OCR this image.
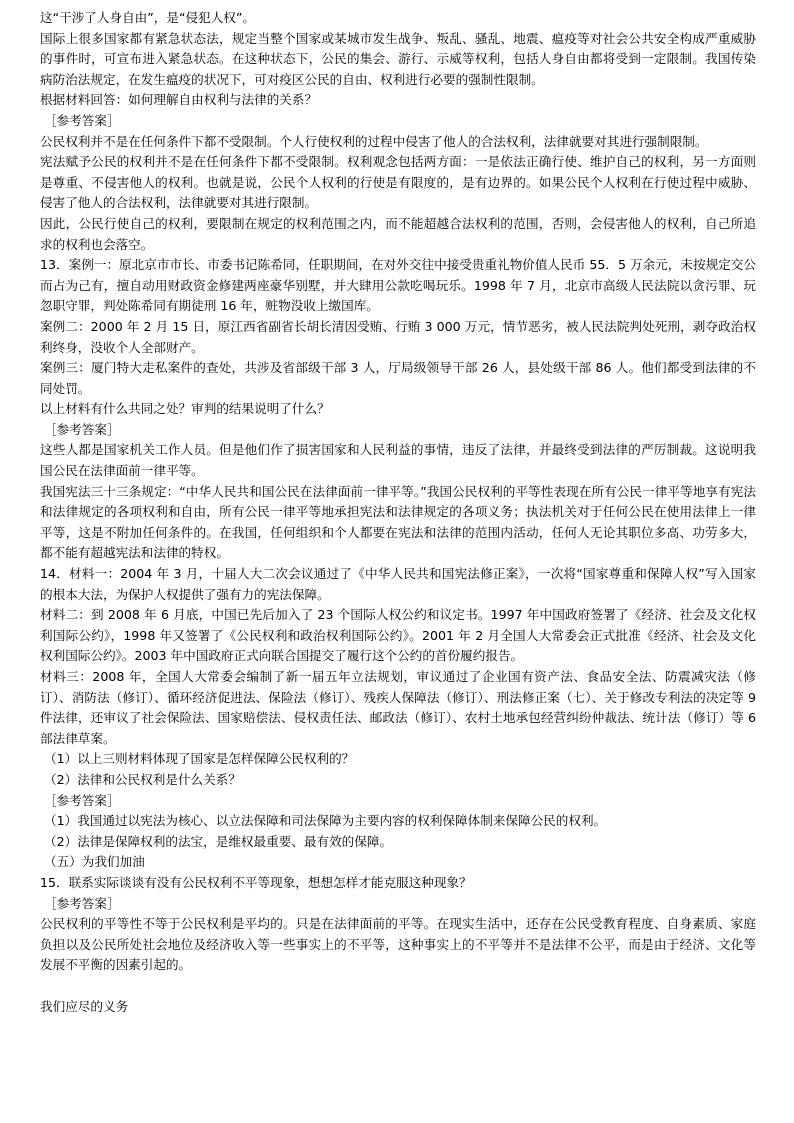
这“干涉了人身自由”，是“侵犯人权”。

国际上很多国家都有紧急状态法，规定当整个国家或某城市发生战争、叛乱、骚乱、地震、瘟疫等对社会公共安全构成严重威胁的事件时，可宣布进入紧急状态。在这种状态下，公民的集会、游行、示威等权利，包括人身自由都将受到一定限制。我国传染病防治法规定，在发生瘟疫的状况下，可对疫区公民的自由、权利进行必要的强制性限制。

根据材料回答：如何理解自由权利与法律的关系？

［参考答案］

公民权利并不是在任何条件下都不受限制。个人行使权利的过程中侵害了他人的合法权利，法律就要对其进行强制限制。

宪法赋予公民的权利并不是在任何条件下都不受限制。权利观念包括两方面：一是依法正确行使、维护自己的权利，另一方面则是尊重、不侵害他人的权利。也就是说，公民个人权利的行使是有限度的，是有边界的。如果公民个人权利在行使过程中威胁、侵害了他人的合法权利，法律就要对其进行限制。

因此，公民行使自己的权利，要限制在规定的权利范围之内，而不能超越合法权利的范围，否则，会侵害他人的权利，自己所追求的权利也会落空。

13．案例一：原北京市市长、市委书记陈希同，任职期间，在对外交往中接受贵重礼物价值人民币 55．5 万余元，未按规定交公而占为己有，擅自动用财政资金修建两座豪华别墅，并大肆用公款吃喝玩乐。1998 年 7 月，北京市高级人民法院以贪污罪、玩忽职守罪，判处陈希同有期徒刑 16 年，赃物没收上缴国库。

案例二：2000 年 2 月 15 日，原江西省副省长胡长清因受贿、行贿 3 000 万元，情节恶劣，被人民法院判处死刑，剥夺政治权利终身，没收个人全部财产。

案例三：厦门特大走私案件的查处，共涉及省部级干部 3 人，厅局级领导干部 26 人，县处级干部 86 人。他们都受到法律的不同处罚。

以上材料有什么共同之处？审判的结果说明了什么？

［参考答案］

这些人都是国家机关工作人员。但是他们作了损害国家和人民利益的事情，违反了法律，并最终受到法律的严厉制裁。这说明我国公民在法律面前一律平等。

我国宪法三十三条规定：“中华人民共和国公民在法律面前一律平等。”我国公民权利的平等性表现在所有公民一律平等地享有宪法和法律规定的各项权利和自由，所有公民一律平等地承担宪法和法律规定的各项义务；执法机关对于任何公民在使用法律上一律平等，这是不附加任何条件的。在我国，任何组织和个人都要在宪法和法律的范围内活动，任何人无论其职位多高、功劳多大，都不能有超越宪法和法律的特权。

14．材料一：2004 年 3 月，十届人大二次会议通过了《中华人民共和国宪法修正案》，一次将“国家尊重和保障人权”写入国家的根本大法，为保护人权提供了强有力的宪法保障。

材料二：到 2008 年 6 月底，中国已先后加入了 23 个国际人权公约和议定书。1997 年中国政府签署了《经济、社会及文化权利国际公约》，1998 年又签署了《公民权利和政治权利国际公约》。2001 年 2 月全国人大常委会正式批准《经济、社会及文化权利国际公约》。2003 年中国政府正式向联合国提交了履行这个公约的首份履约报告。

材料三：2008 年，全国人大常委会编制了新一届五年立法规划，审议通过了企业国有资产法、食品安全法、防震减灾法（修订）、消防法（修订）、循环经济促进法、保险法（修订）、残疾人保障法（修订）、刑法修正案（七）、关于修改专利法的决定等 9 件法律，还审议了社会保险法、国家赔偿法、侵权责任法、邮政法（修订）、农村土地承包经营纠纷仲裁法、统计法（修订）等 6 部法律草案。

（1）以上三则材料体现了国家是怎样保障公民权利的？

（2）法律和公民权利是什么关系？

［参考答案］

（1）我国通过以宪法为核心、以立法保障和司法保障为主要内容的权利保障体制来保障公民的权利。

（2）法律是保障权利的法宝，是维权最重要、最有效的保障。

（五）为我们加油

15．联系实际谈谈有没有公民权利不平等现象，想想怎样才能克服这种现象？

［参考答案］

公民权利的平等性不等于公民权利是平均的。只是在法律面前的平等。在现实生活中，还存在公民受教育程度、自身素质、家庭负担以及公民所处社会地位及经济收入等一些事实上的不平等，这种事实上的不平等并不是法律不公平，而是由于经济、文化等发展不平衡的因素引起的。

我们应尽的义务
